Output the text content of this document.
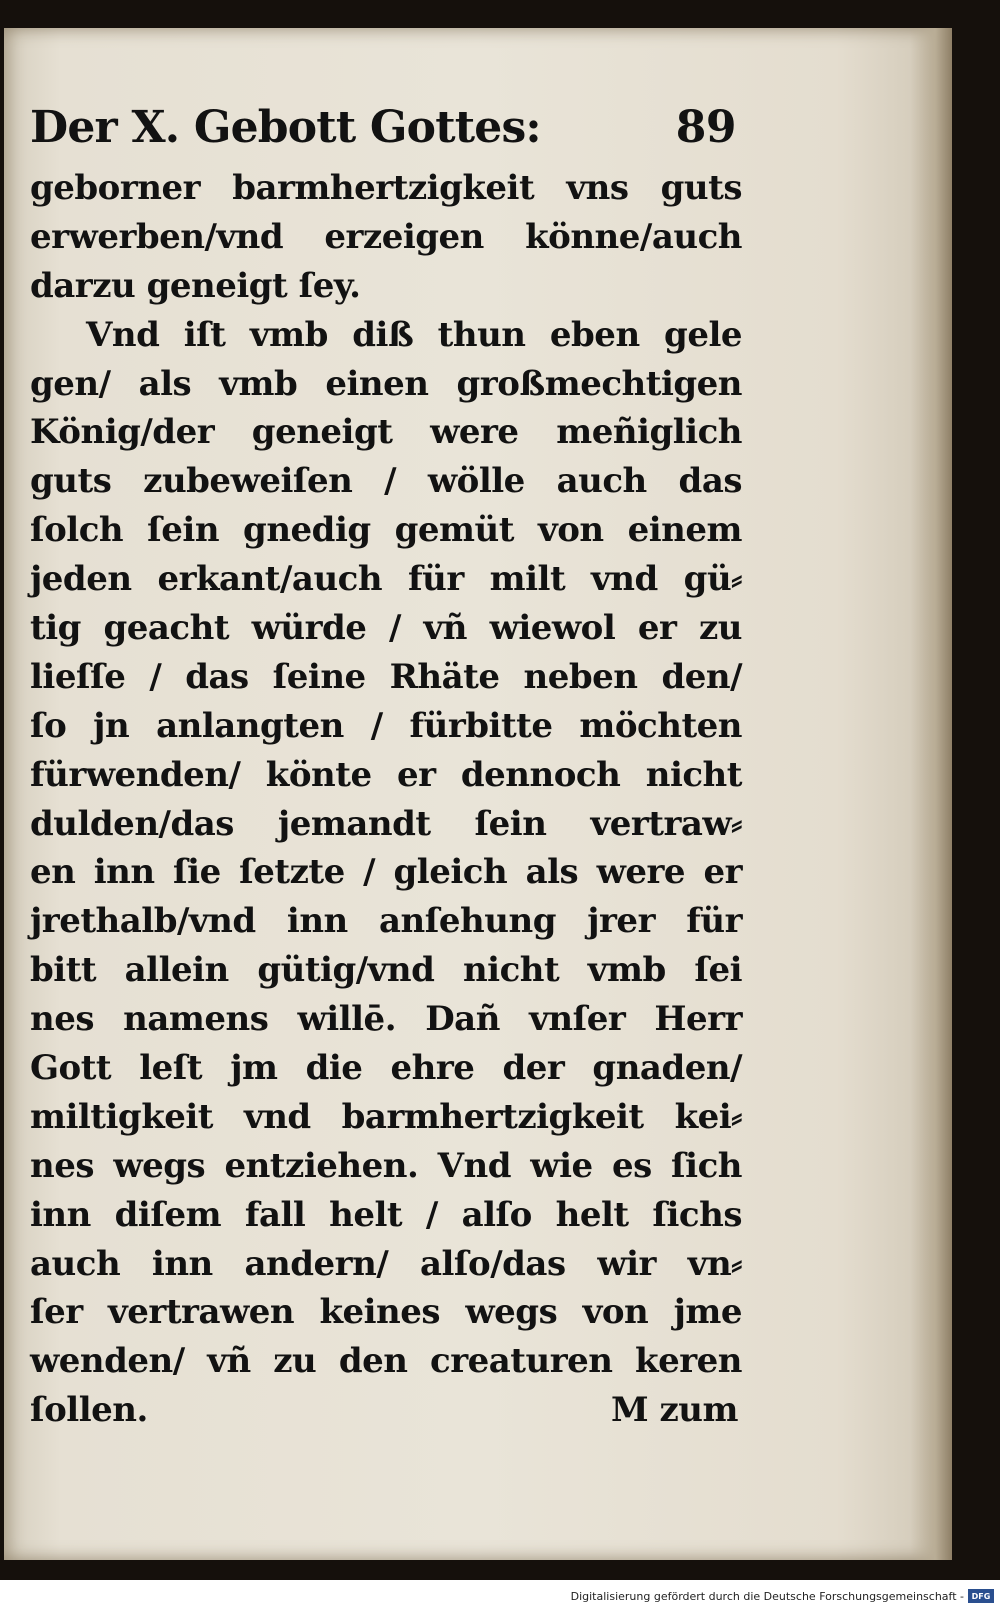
Der X. Gebott Gottes:	89
geborner barmhertzigkeit vns guts
erwerben/vnd erzeigen könne/auch
darzu geneigt ſey.
Vnd iſt vmb diß thun eben gele
gen/ als vmb einen großmechtigen
König/der geneigt were meñiglich
guts zubeweiſen / wölle auch das
ſolch ſein gnedig gemüt von einem
jeden erkant/auch für milt vnd gü⸗
tig geacht würde / vñ wiewol er zu
lieſſe / das ſeine Rhäte neben den/
ſo jn anlangten / fürbitte möchten
fürwenden/ könte er dennoch nicht
dulden/das jemandt ſein vertraw⸗
en inn ſie ſetzte / gleich als were er
jrethalb/vnd inn anſehung jrer für
bitt allein gütig/vnd nicht vmb ſei
nes namens willē. Dañ vnſer Herr
Gott leſt jm die ehre der gnaden/
miltigkeit vnd barmhertzigkeit kei⸗
nes wegs entziehen. Vnd wie es ſich
inn diſem fall helt / alſo helt ſichs
auch inn andern/ alſo/das wir vn⸗
ſer vertrawen keines wegs von jme
wenden/ vñ zu den creaturen keren
ſollen.	M zum
Digitalisierung gefördert durch die Deutsche Forschungsgemeinschaft - DFG
